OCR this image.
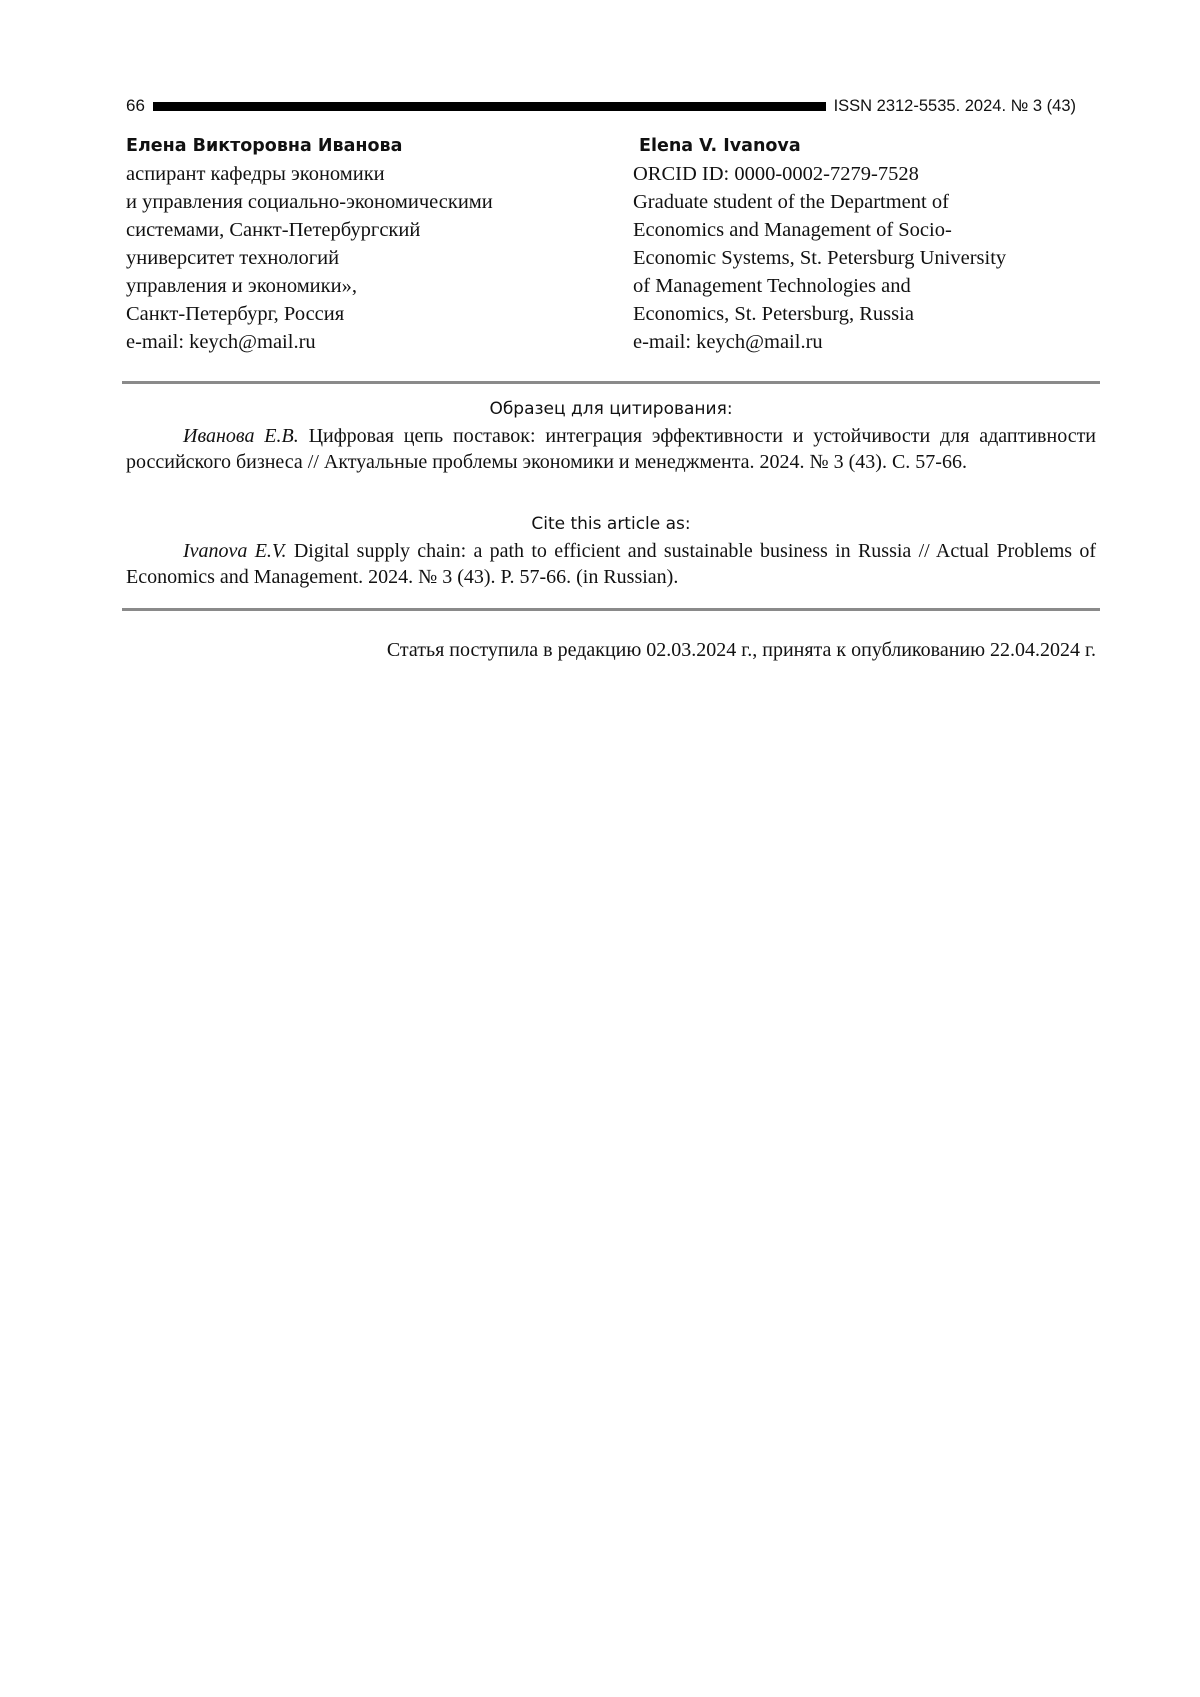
66	ISSN 2312-5535. 2024. № 3 (43)
Елена Викторовна Иванова
аспирант кафедры экономики
и управления социально-экономическими
системами, Санкт-Петербургский
университет технологий
управления и экономики»,
Санкт-Петербург, Россия
e-mail: keych@mail.ru
Elena V. Ivanova
ORCID ID: 0000-0002-7279-7528
Graduate student of the Department of
Economics and Management of Socio-
Economic Systems, St. Petersburg University
of Management Technologies and
Economics, St. Petersburg, Russia
e-mail: keych@mail.ru
Образец для цитирования:
Иванова Е.В. Цифровая цепь поставок: интеграция эффективности и устойчивости для адаптивности российского бизнеса // Актуальные проблемы экономики и менеджмента. 2024. № 3 (43). С. 57-66.
Cite this article as:
Ivanova E.V. Digital supply chain: a path to efficient and sustainable business in Russia // Actual Problems of Economics and Management. 2024. № 3 (43). P. 57-66. (in Russian).
Статья поступила в редакцию 02.03.2024 г., принята к опубликованию 22.04.2024 г.
